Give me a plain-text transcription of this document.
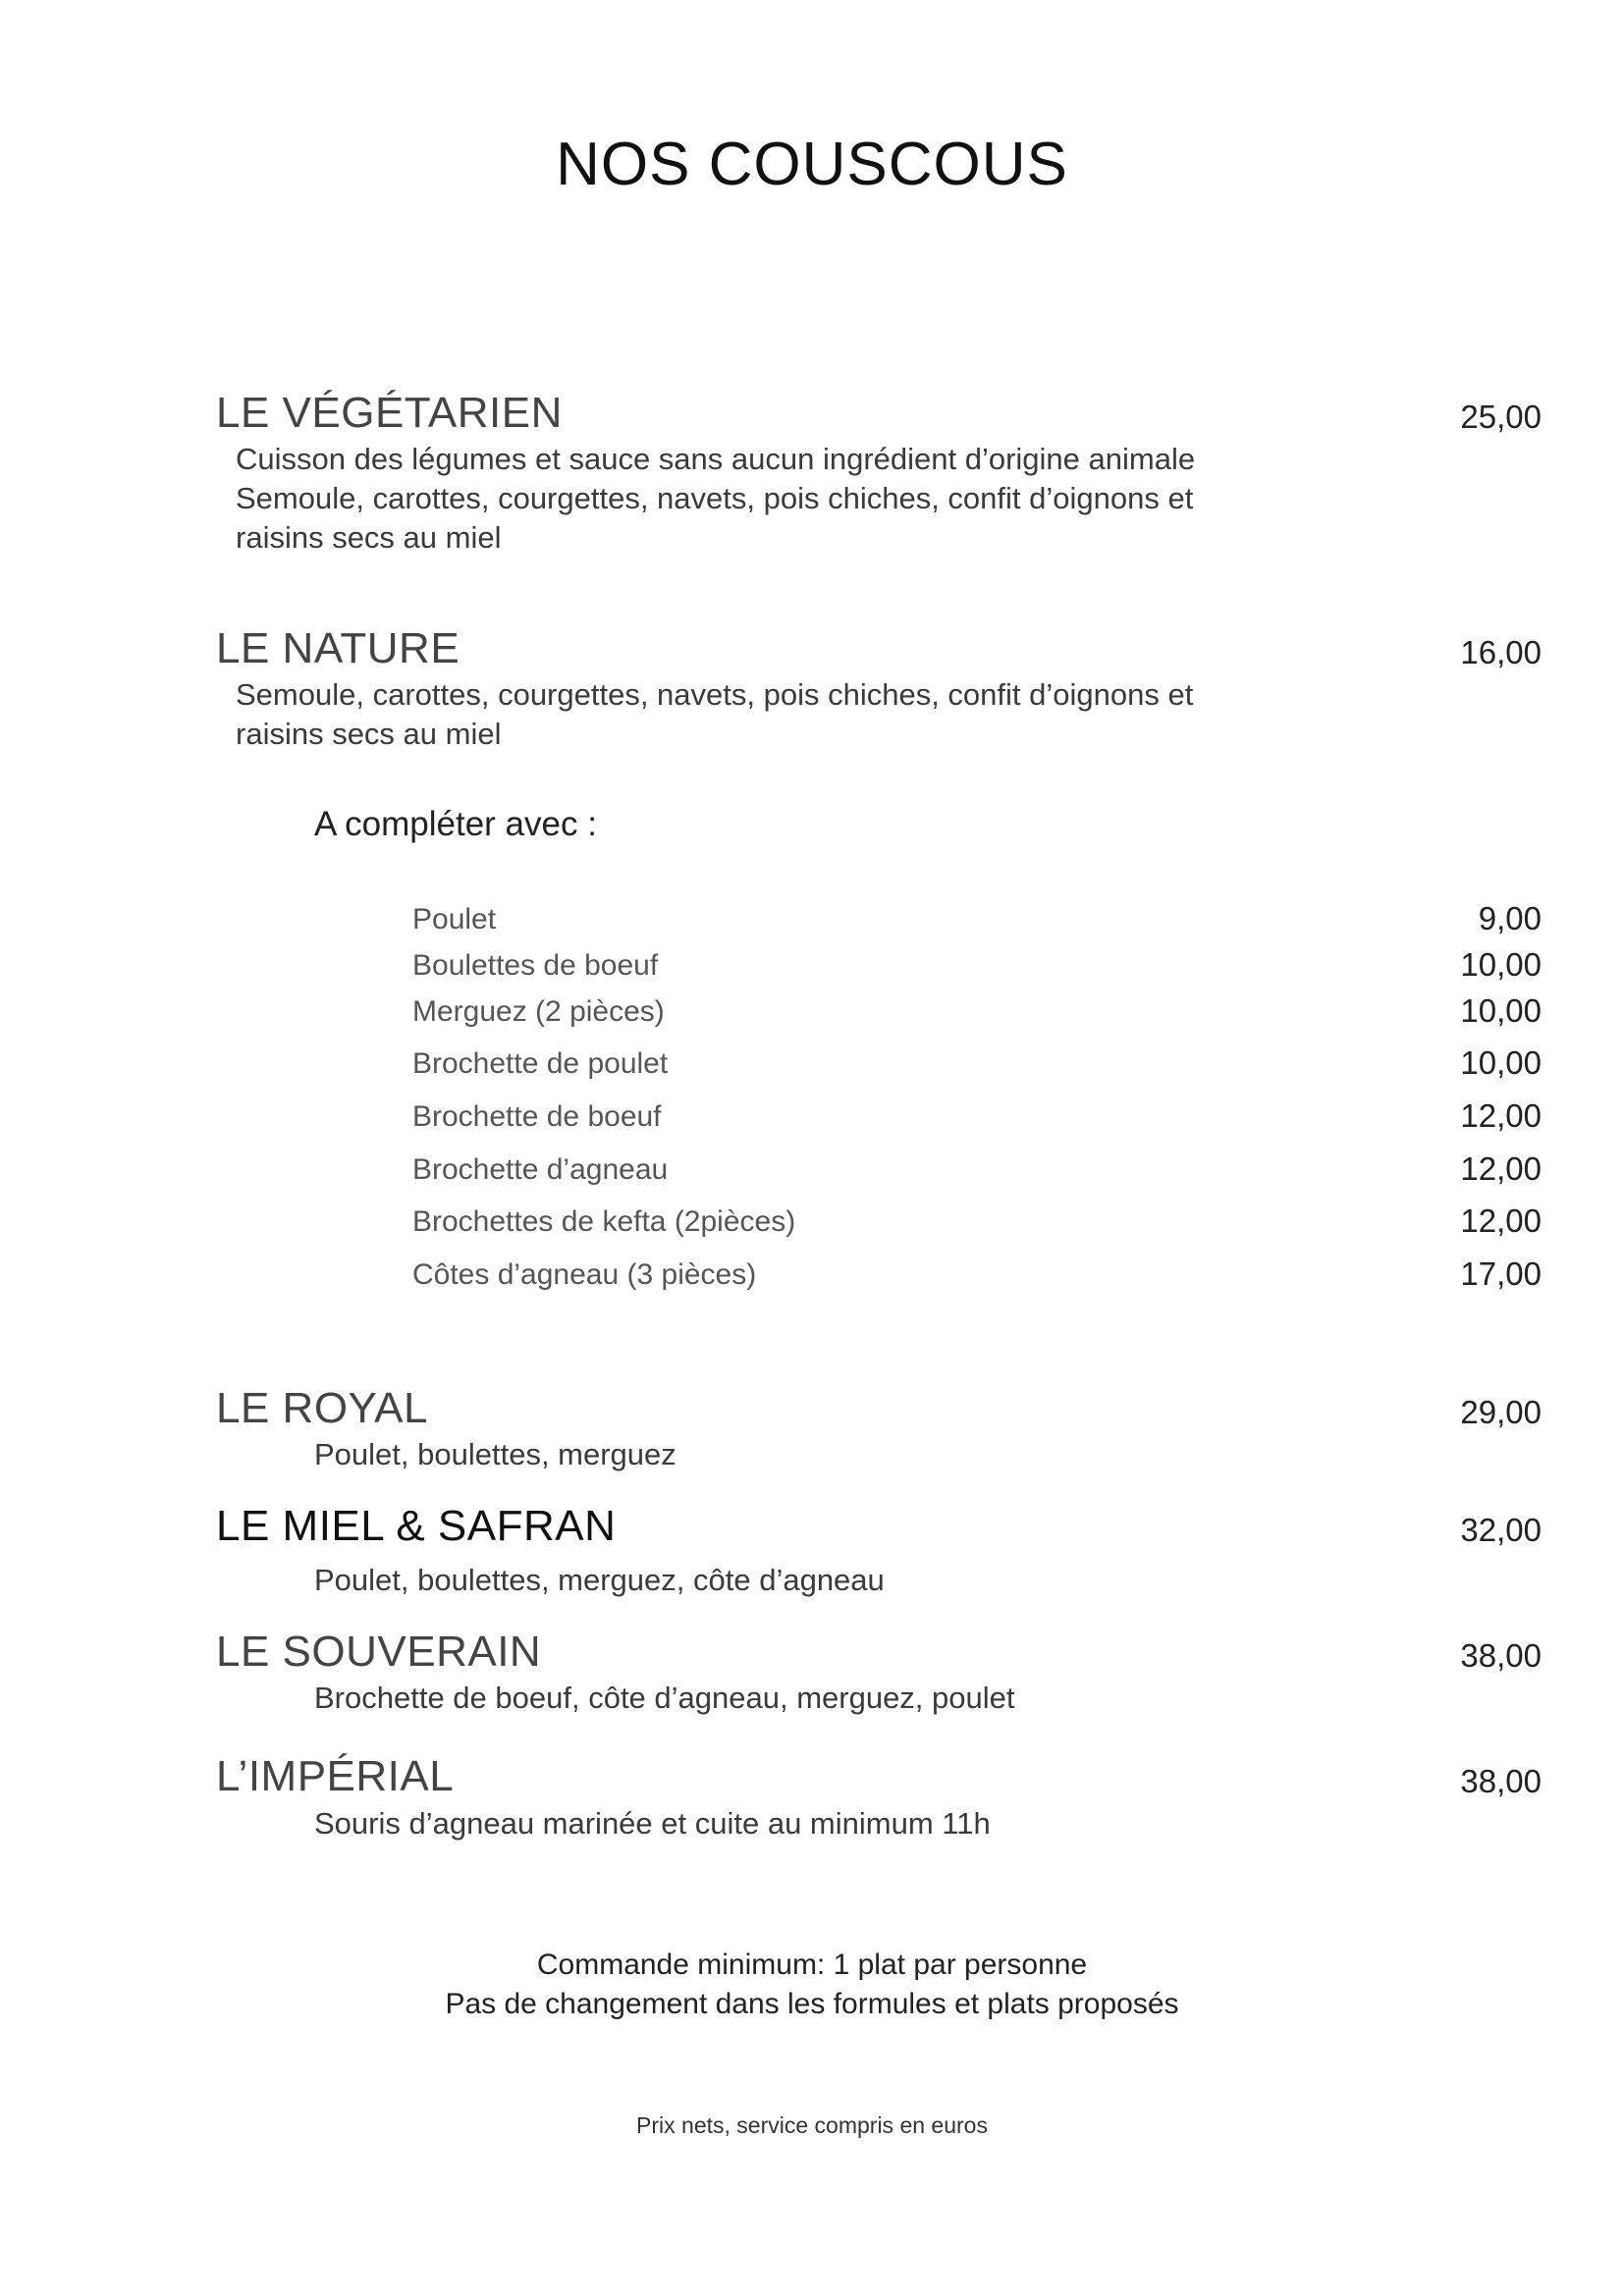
NOS COUSCOUS
LE VÉGÉTARIEN	25,00
Cuisson des légumes et sauce sans aucun ingrédient d’origine animale
Semoule, carottes, courgettes, navets, pois chiches, confit d’oignons et
raisins secs au miel
LE NATURE	16,00
Semoule, carottes, courgettes, navets, pois chiches, confit d’oignons et
raisins secs au miel
A compléter avec :
Poulet	9,00
Boulettes de boeuf	10,00
Merguez (2 pièces)	10,00
Brochette de poulet	10,00
Brochette de boeuf	12,00
Brochette d’agneau	12,00
Brochettes de kefta (2pièces)	12,00
Côtes d’agneau (3 pièces)	17,00
LE ROYAL	29,00
Poulet, boulettes, merguez
LE MIEL & SAFRAN	32,00
Poulet, boulettes, merguez, côte d’agneau
LE SOUVERAIN	38,00
Brochette de boeuf, côte d’agneau, merguez, poulet
L’IMPÉRIAL	38,00
Souris d’agneau marinée et cuite au minimum 11h
Commande minimum: 1 plat par personne
Pas de changement dans les formules et plats proposés
Prix nets, service compris en euros
